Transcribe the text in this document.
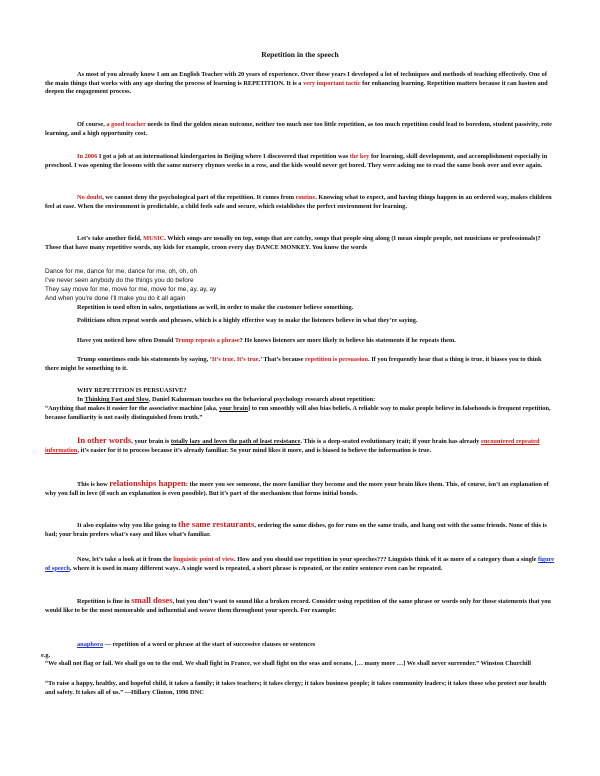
Repetition in the speech

As most of you already know I am an English Teacher with 20 years of experience. Over these years I developed a lot of techniques and methods of teaching effectively. One of the main things that works with any age during the process of learning is REPETITION. It is a very important tactic for enhancing learning. Repetition matters because it can hasten and deepen the engagement process.

Of course, a good teacher needs to find the golden mean outcome, neither too much nor too little repetition, as too much repetition could lead to boredom, student passivity, rote learning, and a high opportunity cost.

In 2006 I got a job at an international kindergarten in Beijing where I discovered that repetition was the key for learning, skill development, and accomplishment especially in preschool. I was opening the lessons with the same nursery rhymes weeks in a row, and the kids would never get bored. They were asking me to read the same book over and over again.

No doubt, we cannot deny the psychological part of the repetition. It comes from routine. Knowing what to expect, and having things happen in an ordered way, makes children feel at ease. When the environment is predictable, a child feels safe and secure, which establishes the perfect environment for learning.

Let’s take another field, MUSIC. Which songs are usually on top, songs that are catchy, songs that people sing along (I mean simple people, not musicians or professionals)? Those that have many repetitive words, my kids for example, croon every day DANCE MONKEY. You know the words

Dance for me, dance for me, dance for me, oh, oh, oh
I’ve never seen anybody do the things you do before
They say move for me, move for me, move for me, ay, ay, ay
And when you’re done I’ll make you do it all again

Repetition is used often in sales, negotiations as well, in order to make the customer believe something.

Politicians often repeat words and phrases, which is a highly effective way to make the listeners believe in what they’re saying.

Have you noticed how often Donald Trump repeats a phrase? He knows listeners are more likely to believe his statements if he repeats them.

Trump sometimes ends his statements by saying, ‘It’s true. It’s true.’ That’s because repetition is persuasion. If you frequently hear that a thing is true, it biases you to think there might be something to it.

WHY REPETITION IS PERSUASIVE?

In Thinking Fast and Slow, Daniel Kahneman touches on the behavioral psychology research about repetition:

“Anything that makes it easier for the associative machine [aka, your brain] to run smoothly will also bias beliefs. A reliable way to make people believe in falsehoods is frequent repetition, because familiarity is not easily distinguished from truth.”

In other words, your brain is totally lazy and loves the path of least resistance. This is a deep-seated evolutionary trait; if your brain has already encountered repeated information, it’s easier for it to process because it’s already familiar. So your mind likes it more, and is biased to believe the information is true.

This is how relationships happen: the more you see someone, the more familiar they become and the more your brain likes them. This, of course, isn’t an explanation of why you fall in love (if such an explanation is even possible). But it’s part of the mechanism that forms initial bonds.

It also explains why you like going to the same restaurants, ordering the same dishes, go for runs on the same trails, and hang out with the same friends. None of this is bad; your brain prefers what’s easy and likes what’s familiar.

Now, let’s take a look at it from the linguistic point of view. How and you should use repetition in your speeches??? Linguists think of it as more of a category than a single figure of speech, where it is used in many different ways. A single word is repeated, a short phrase is repeated, or the entire sentence even can be repeated.

Repetition is fine in small doses, but you don’t want to sound like a broken record. Consider using repetition of the same phrase or words only for those statements that you would like to be the most memorable and influential and weave them throughout your speech. For example:

anaphora — repetition of a word or phrase at the start of successive clauses or sentences

e.g.

“We shall not flag or fail. We shall go on to the end. We shall fight in France, we shall fight on the seas and oceans, [… many more …] We shall never surrender.” Winston Churchill

“To raise a happy, healthy, and hopeful child, it takes a family; it takes teachers; it takes clergy; it takes business people; it takes community leaders; it takes those who protect our health and safety. It takes all of us.” —Hillary Clinton, 1996 DNC
